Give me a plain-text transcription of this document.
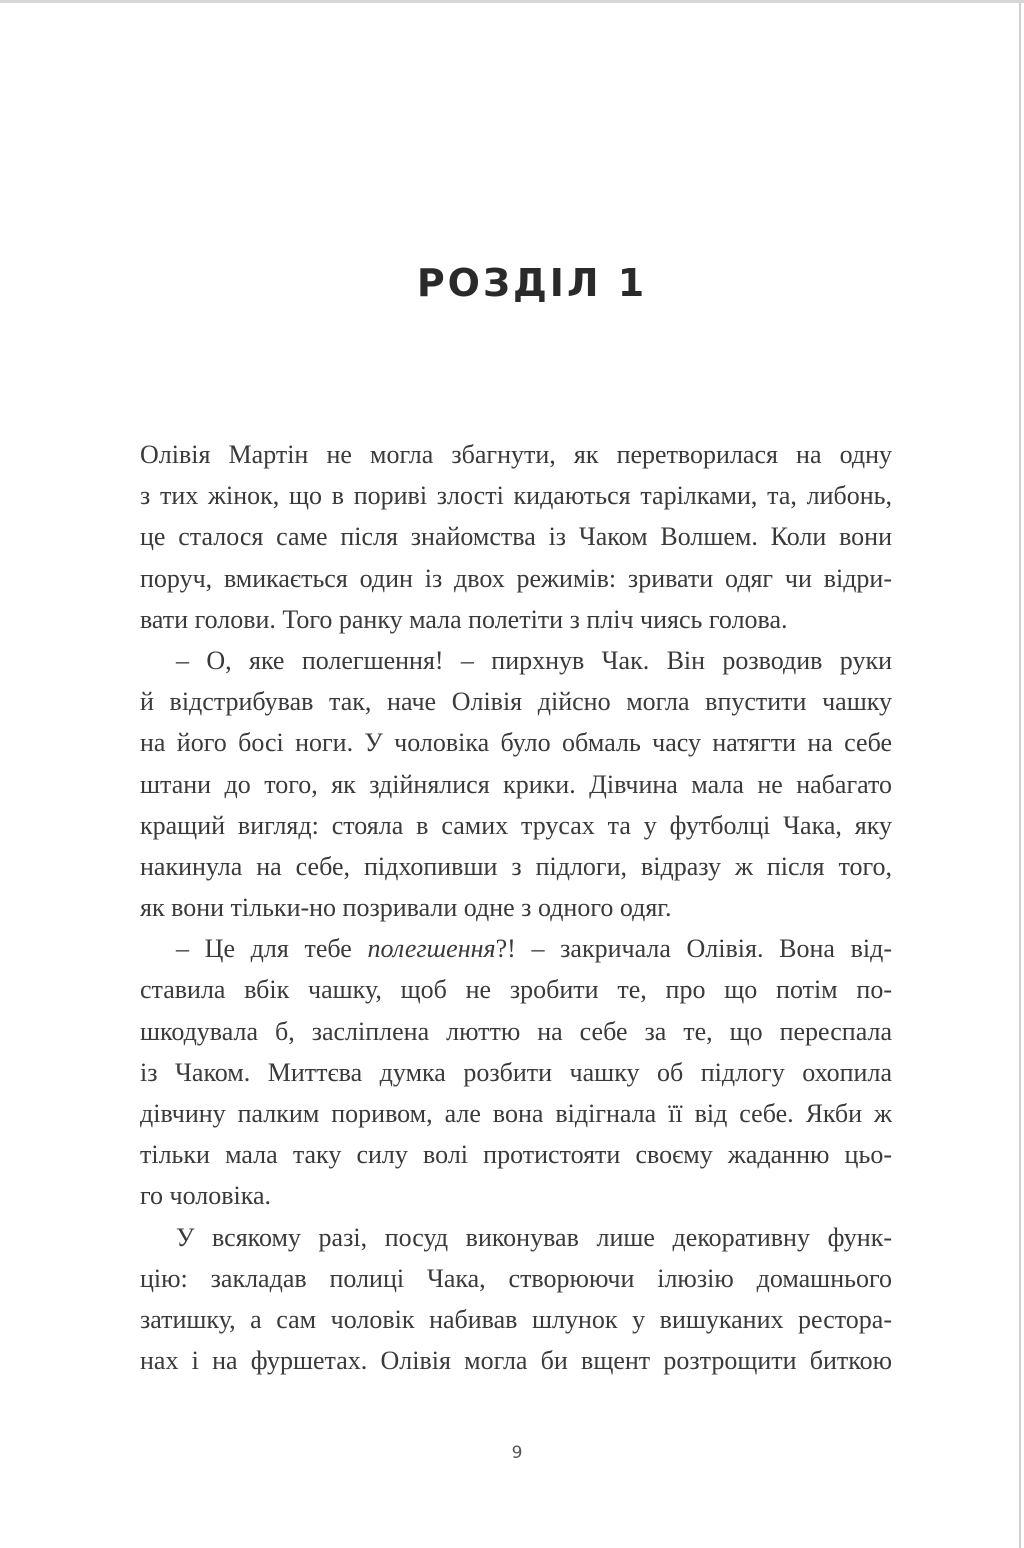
РОЗДІЛ 1
Олівія Мартін не могла збагнути, як перетворилася на одну
з тих жінок, що в пориві злості кидаються тарілками, та, либонь,
це сталося саме після знайомства із Чаком Волшем. Коли вони
поруч, вмикається один із двох режимів: зривати одяг чи відри-
вати голови. Того ранку мала полетіти з пліч чиясь голова.
– О, яке полегшення! – пирхнув Чак. Він розводив руки
й відстрибував так, наче Олівія дійсно могла впустити чашку
на його босі ноги. У чоловіка було обмаль часу натягти на себе
штани до того, як здійнялися крики. Дівчина мала не набагато
кращий вигляд: стояла в самих трусах та у футболці Чака, яку
накинула на себе, підхопивши з підлоги, відразу ж після того,
як вони тільки-но позривали одне з одного одяг.
– Це для тебе полегшення?! – закричала Олівія. Вона від-
ставила вбік чашку, щоб не зробити те, про що потім по-
шкодувала б, засліплена люттю на себе за те, що переспала
із Чаком. Миттєва думка розбити чашку об підлогу охопила
дівчину палким поривом, але вона відігнала її від себе. Якби ж
тільки мала таку силу волі протистояти своєму жаданню цьо-
го чоловіка.
У всякому разі, посуд виконував лише декоративну функ-
цію: закладав полиці Чака, створюючи ілюзію домашнього
затишку, а сам чоловік набивав шлунок у вишуканих рестора-
нах і на фуршетах. Олівія могла би вщент розтрощити биткою
9
